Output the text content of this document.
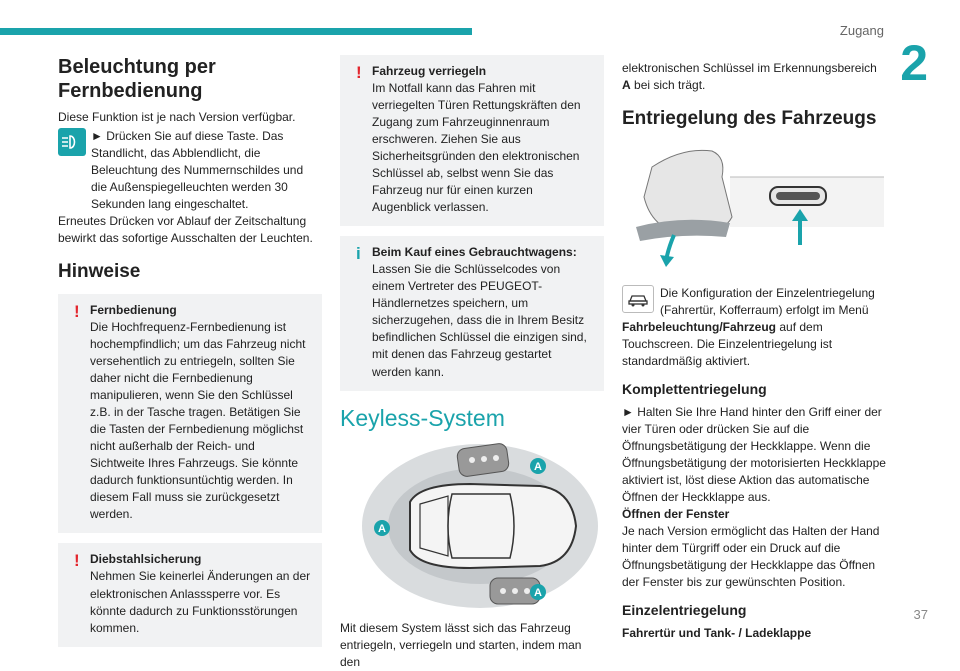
Zugang
2
37
Beleuchtung per Fernbedienung

Diese Funktion ist je nach Version verfügbar.

► Drücken Sie auf diese Taste. Das Standlicht, das Abblendlicht, die Beleuchtung des Nummernschildes und die Außenspiegelleuchten werden 30 Sekunden lang eingeschaltet.

Erneutes Drücken vor Ablauf der Zeitschaltung bewirkt das sofortige Ausschalten der Leuchten.

Hinweise
! Fernbedienung
Die Hochfrequenz-Fernbedienung ist hochempfindlich; um das Fahrzeug nicht versehentlich zu entriegeln, sollten Sie daher nicht die Fernbedienung manipulieren, wenn Sie den Schlüssel z.B. in der Tasche tragen. Betätigen Sie die Tasten der Fernbedienung möglichst nicht außerhalb der Reich- und Sichtweite Ihres Fahrzeugs. Sie könnte dadurch funktionsuntüchtig werden. In diesem Fall muss sie zurückgesetzt werden.
! Diebstahlsicherung
Nehmen Sie keinerlei Änderungen an der elektronischen Anlasssperre vor. Es könnte dadurch zu Funktionsstörungen kommen.
! Fahrzeug verriegeln
Im Notfall kann das Fahren mit verriegelten Türen Rettungskräften den Zugang zum Fahrzeuginnenraum erschweren. Ziehen Sie aus Sicherheitsgründen den elektronischen Schlüssel ab, selbst wenn Sie das Fahrzeug nur für einen kurzen Augenblick verlassen.
i Beim Kauf eines Gebrauchtwagens:
Lassen Sie die Schlüsselcodes von einem Vertreter des PEUGEOT-Händlernetzes speichern, um sicherzugehen, dass die in Ihrem Besitz befindlichen Schlüssel die einzigen sind, mit denen das Fahrzeug gestartet werden kann.
Keyless-System
A
A
A

Mit diesem System lässt sich das Fahrzeug entriegeln, verriegeln und starten, indem man den

elektronischen Schlüssel im Erkennungsbereich A bei sich trägt.

Entriegelung des Fahrzeugs
Die Konfiguration der Einzelentriegelung (Fahrertür, Kofferraum) erfolgt im Menü

Fahrbeleuchtung/Fahrzeug auf dem Touchscreen. Die Einzelentriegelung ist standardmäßig aktiviert.

Komplettentriegelung

► Halten Sie Ihre Hand hinter den Griff einer der vier Türen oder drücken Sie auf die Öffnungsbetätigung der Heckklappe. Wenn die Öffnungsbetätigung der motorisierten Heckklappe aktiviert ist, löst diese Aktion das automatische Öffnen der Heckklappe aus.

Öffnen der Fenster

Je nach Version ermöglicht das Halten der Hand hinter dem Türgriff oder ein Druck auf die Öffnungsbetätigung der Heckklappe das Öffnen der Fenster bis zur gewünschten Position.

Einzelentriegelung

Fahrertür und Tank- / Ladeklappe
